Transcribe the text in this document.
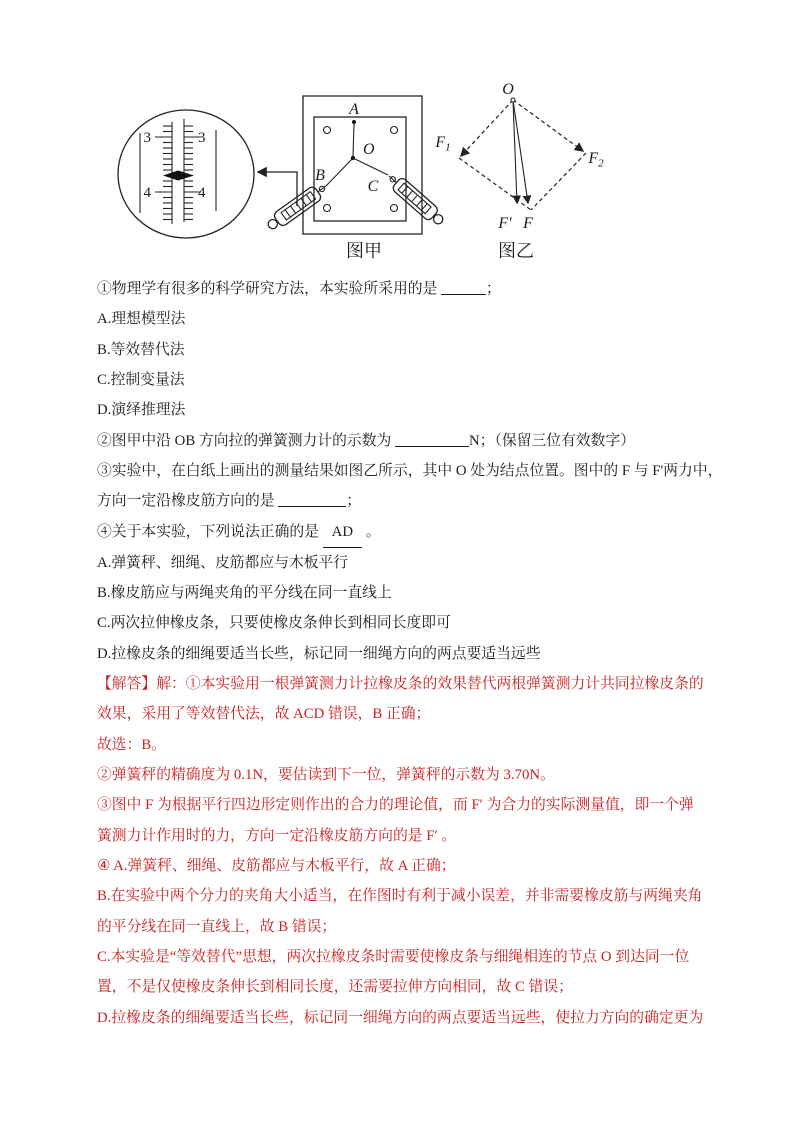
3	3
4	4
A
O
B
C
图甲
O
$F_1$
$F_2$
F′ F
图乙
①物理学有很多的科学研究方法，本实验所采用的是	；
A.理想模型法
B.等效替代法
C.控制变量法
D.演绎推理法
②图甲中沿 OB 方向拉的弹簧测力计的示数为	N；（保留三位有效数字）
③实验中，在白纸上画出的测量结果如图乙所示，其中 O 处为结点位置。图中的 F 与 F'两力中，
方向一定沿橡皮筋方向的是	；
④关于本实验，下列说法正确的是 AD 。
A.弹簧秤、细绳、皮筋都应与木板平行
B.橡皮筋应与两绳夹角的平分线在同一直线上
C.两次拉伸橡皮条，只要使橡皮条伸长到相同长度即可
D.拉橡皮条的细绳要适当长些，标记同一细绳方向的两点要适当远些
【解答】解：①本实验用一根弹簧测力计拉橡皮条的效果替代两根弹簧测力计共同拉橡皮条的
效果，采用了等效替代法，故 ACD 错误，B 正确；
故选：B。
②弹簧秤的精确度为 0.1N，要估读到下一位，弹簧秤的示数为 3.70N。
③图中 F 为根据平行四边形定则作出的合力的理论值，而 F′ 为合力的实际测量值，即一个弹
簧测力计作用时的力，方向一定沿橡皮筋方向的是 F′ 。
④ A.弹簧秤、细绳、皮筋都应与木板平行，故 A 正确；
B.在实验中两个分力的夹角大小适当，在作图时有利于减小误差，并非需要橡皮筋与两绳夹角
的平分线在同一直线上，故 B 错误；
C.本实验是“等效替代”思想，两次拉橡皮条时需要使橡皮条与细绳相连的节点 O 到达同一位
置，不是仅使橡皮条伸长到相同长度，还需要拉伸方向相同，故 C 错误；
D.拉橡皮条的细绳要适当长些，标记同一细绳方向的两点要适当远些，使拉力方向的确定更为
